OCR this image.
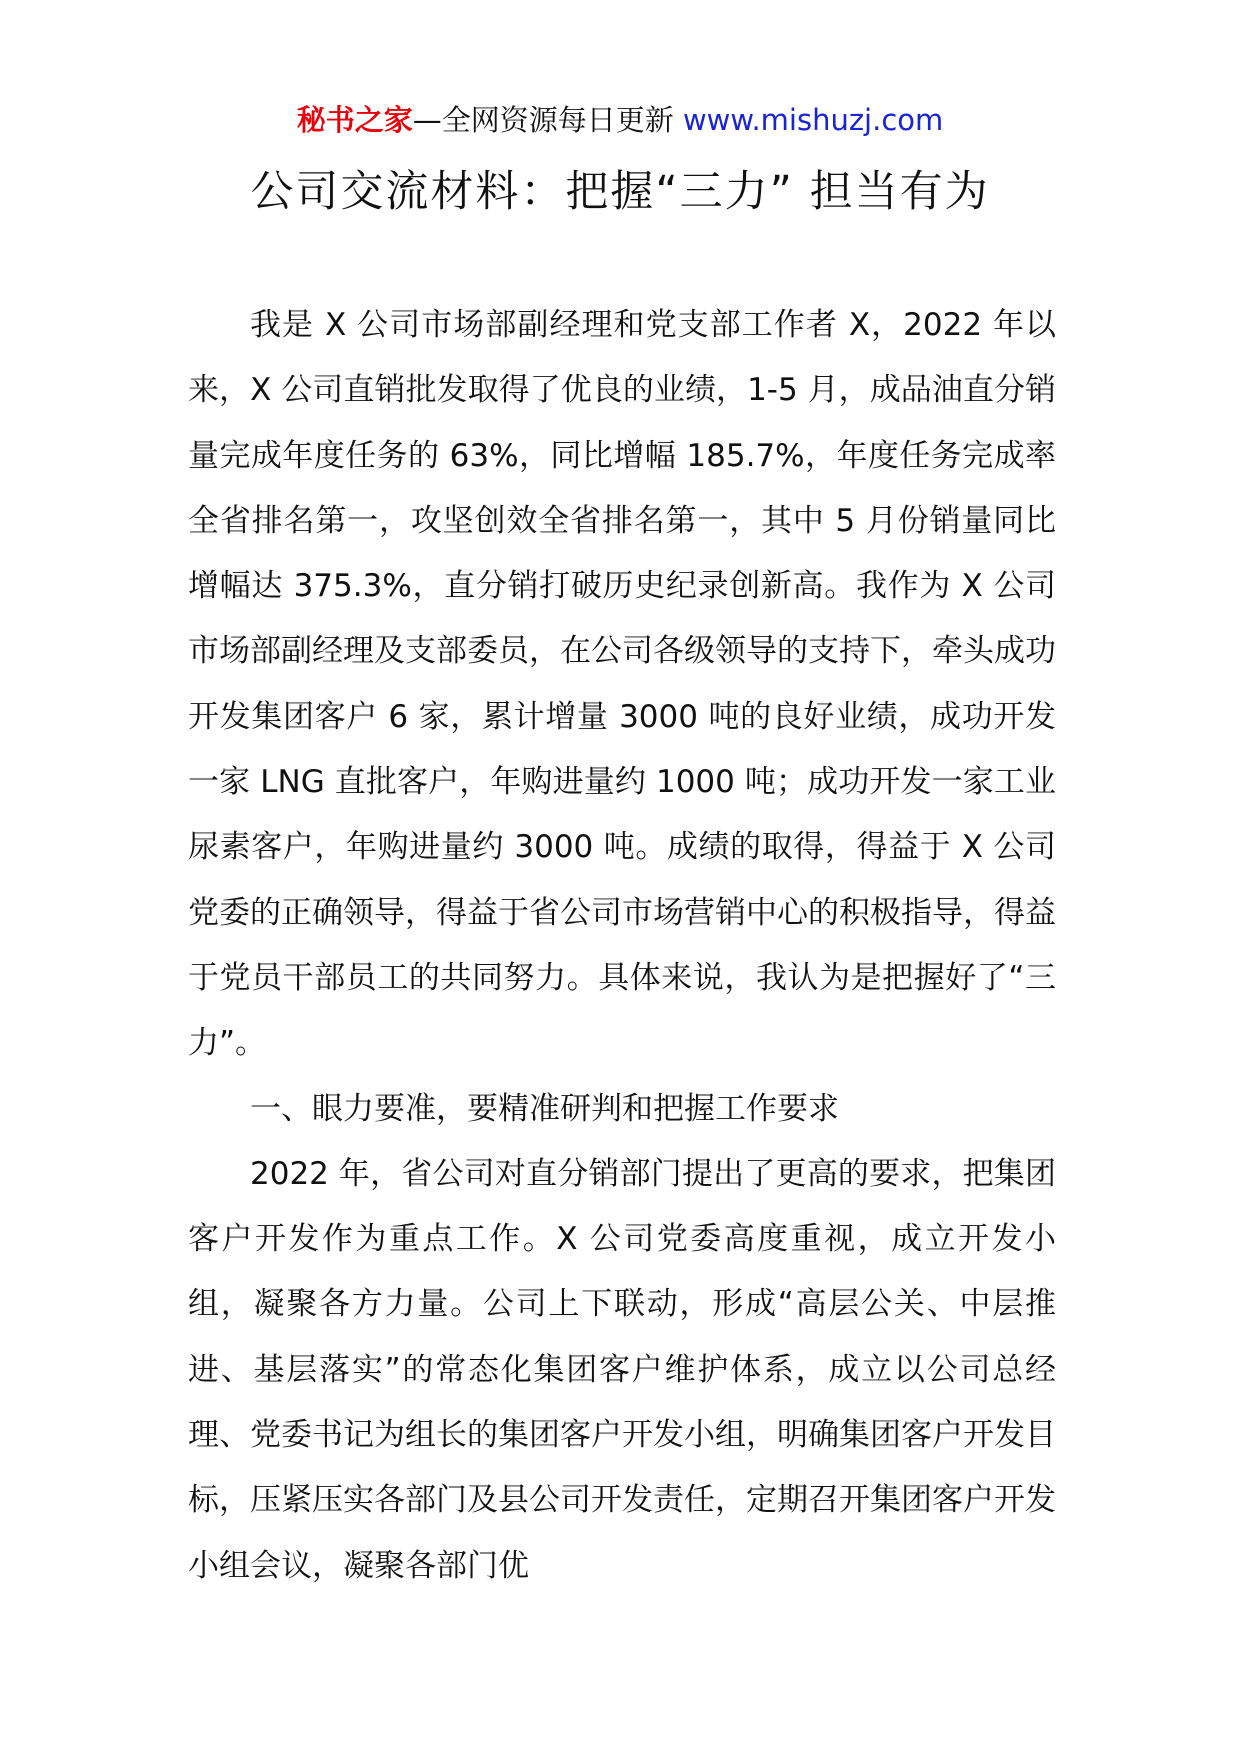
秘书之家—全网资源每日更新 www.mishuzj.com
公司交流材料：把握“三力” 担当有为

我是 X 公司市场部副经理和党支部工作者 X，2022 年以来，X 公司直销批发取得了优良的业绩，1-5 月，成品油直分销量完成年度任务的 63%，同比增幅 185.7%，年度任务完成率全省排名第一，攻坚创效全省排名第一，其中 5 月份销量同比增幅达 375.3%，直分销打破历史纪录创新高。我作为 X 公司市场部副经理及支部委员，在公司各级领导的支持下，牵头成功开发集团客户 6 家，累计增量 3000 吨的良好业绩，成功开发一家 LNG 直批客户，年购进量约 1000 吨；成功开发一家工业尿素客户，年购进量约 3000 吨。成绩的取得，得益于 X 公司党委的正确领导，得益于省公司市场营销中心的积极指导，得益于党员干部员工的共同努力。具体来说，我认为是把握好了“三力”。

一、眼力要准，要精准研判和把握工作要求

2022 年，省公司对直分销部门提出了更高的要求，把集团客户开发作为重点工作。X 公司党委高度重视，成立开发小组，凝聚各方力量。公司上下联动，形成“高层公关、中层推进、基层落实”的常态化集团客户维护体系，成立以公司总经理、党委书记为组长的集团客户开发小组，明确集团客户开发目标，压紧压实各部门及县公司开发责任，定期召开集团客户开发小组会议，凝聚各部门优
